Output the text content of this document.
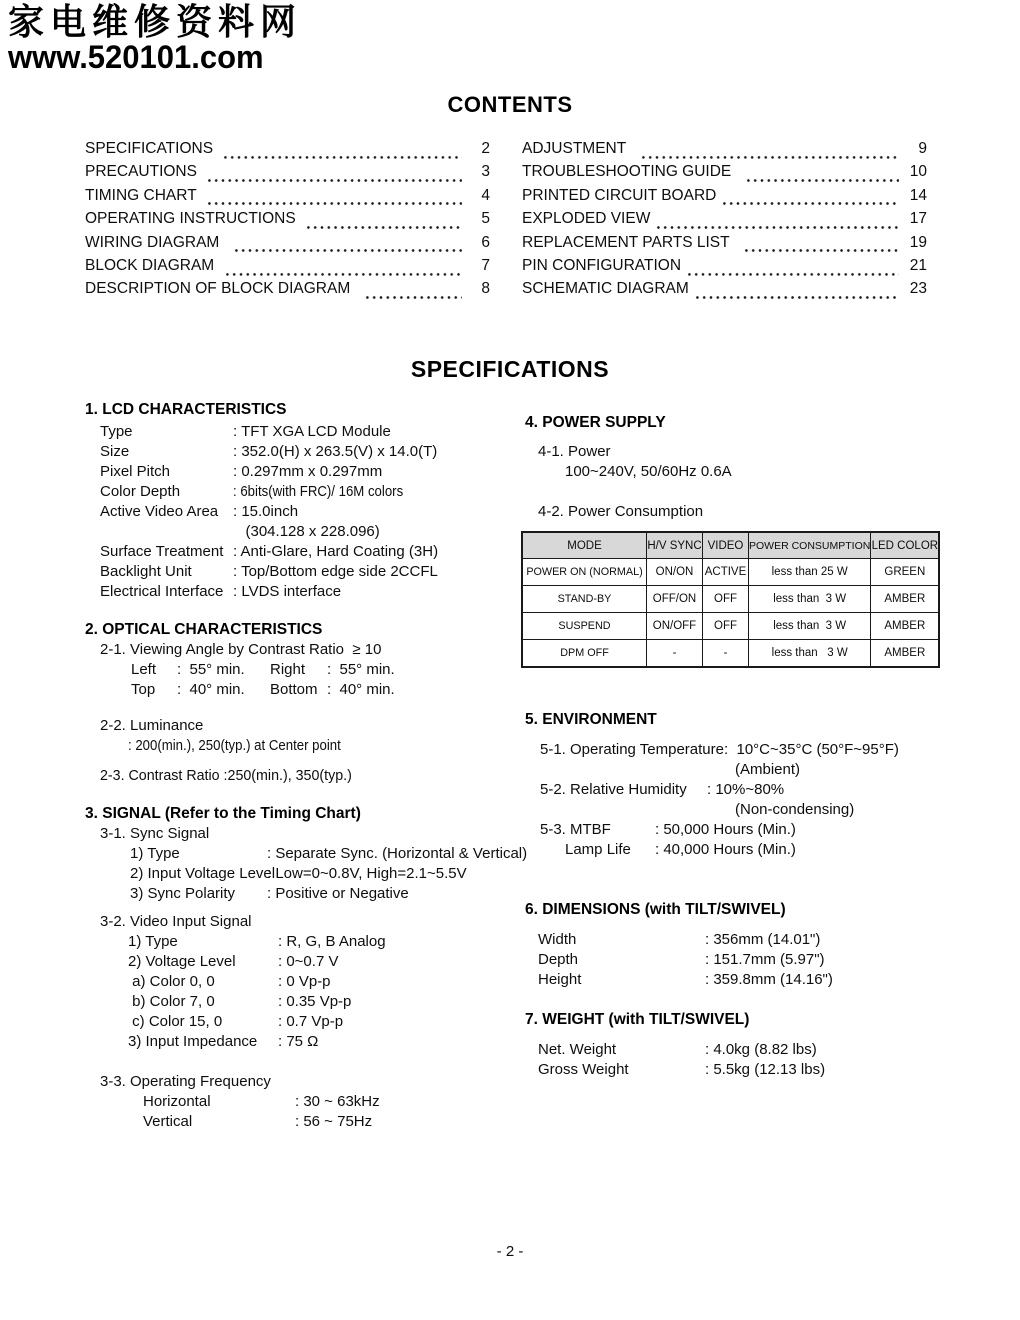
家电维修资料网
www.520101.com
CONTENTS
SPECIFICATIONS	2
PRECAUTIONS	3
TIMING CHART	4
OPERATING INSTRUCTIONS	5
WIRING DIAGRAM	6
BLOCK DIAGRAM	7
DESCRIPTION OF BLOCK DIAGRAM	8
ADJUSTMENT	9
TROUBLESHOOTING GUIDE	10
PRINTED CIRCUIT BOARD	14
EXPLODED VIEW	17
REPLACEMENT PARTS LIST	19
PIN CONFIGURATION	21
SCHEMATIC DIAGRAM	23
SPECIFICATIONS
1. LCD CHARACTERISTICS
Type	: TFT XGA LCD Module
Size	: 352.0(H) x 263.5(V) x 14.0(T)
Pixel Pitch	: 0.297mm x 0.297mm
Color Depth	: 6bits(with FRC)/ 16M colors
Active Video Area : 15.0inch
(304.128 x 228.096)
Surface Treatment : Anti-Glare, Hard Coating (3H)
Backlight Unit	: Top/Bottom edge side 2CCFL
Electrical Interface : LVDS interface
2. OPTICAL CHARACTERISTICS
2-1. Viewing Angle by Contrast Ratio  ≥ 10
Left	:  55° min.	Right	:  55° min.
Top	:  40° min.	Bottom :  40° min.
2-2. Luminance
: 200(min.), 250(typ.) at Center point
2-3. Contrast Ratio :250(min.), 350(typ.)
3. SIGNAL (Refer to the Timing Chart)
3-1. Sync Signal
1) Type	: Separate Sync. (Horizontal & Vertical)
2) Input Voltage Level
: Low=0~0.8V, High=2.1~5.5V
3) Sync Polarity	: Positive or Negative
3-2. Video Input Signal
1) Type	: R, G, B Analog
2) Voltage Level	: 0~0.7 V
a) Color 0, 0	: 0 Vp-p
b) Color 7, 0	: 0.35 Vp-p
c) Color 15, 0	: 0.7 Vp-p
3) Input Impedance	: 75 Ω
3-3. Operating Frequency
Horizontal	: 30 ~ 63kHz
Vertical	: 56 ~ 75Hz
4. POWER SUPPLY
4-1. Power
100~240V, 50/60Hz 0.6A
4-2. Power Consumption
MODE	H/V SYNC	VIDEO	POWER CONSUMPTION	LED COLOR
POWER ON (NORMAL)	ON/ON	ACTIVE	less than 25 W	GREEN
STAND-BY	OFF/ON	OFF	less than  3 W	AMBER
SUSPEND	ON/OFF	OFF	less than  3 W	AMBER
DPM OFF	-	-	less than   3 W	AMBER
5. ENVIRONMENT
5-1. Operating Temperature:  10°C~35°C (50°F~95°F)
(Ambient)
5-2. Relative Humidity	: 10%~80%
(Non-condensing)
5-3. MTBF	: 50,000 Hours (Min.)
Lamp Life	: 40,000 Hours (Min.)
6. DIMENSIONS (with TILT/SWIVEL)
Width	: 356mm (14.01")
Depth	: 151.7mm (5.97")
Height	: 359.8mm (14.16")
7. WEIGHT (with TILT/SWIVEL)
Net. Weight	: 4.0kg (8.82 lbs)
Gross Weight	: 5.5kg (12.13 lbs)
- 2 -
